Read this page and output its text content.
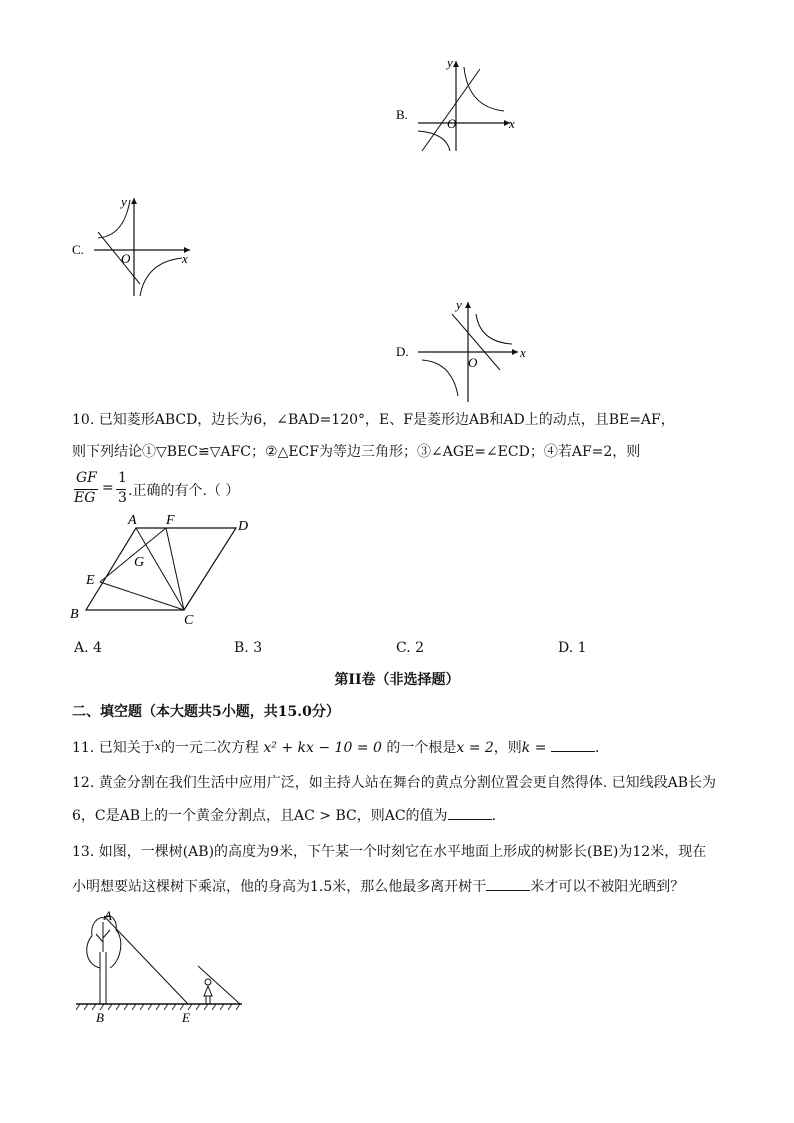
B.
x
y
O
C.
x
y
O
D.	x
y
O
10. 已知菱形ABCD，边长为6，∠BAD=120°，E、F是菱形边AB和AD上的动点，且BE=AF，
则下列结论①▽BEC≌▽AFC；②△ECF为等边三角形；③∠AGE=∠ECD；④若AF=2，则
GF
EG
=
1
3 .正确的有个.（ ）
A F	D
G
E
B	C
A. 4	B. 3	C. 2	D. 1
第II卷（非选择题）
二、填空题（本大题共5小题，共15.0分）
11. 已知关于$^x$的一元二次方程 x² + kx − 10 = 0 的一个根是x = 2，则k =	.
12. 黄金分割在我们生活中应用广泛，如主持人站在舞台的黄点分割位置会更自然得体. 已知线段AB长为
6，C是AB上的一个黄金分割点，且AC > BC，则AC的值为	.
13. 如图，一棵树(AB)的高度为9米，下午某一个时刻它在水平地面上形成的树影长(BE)为12米，现在
小明想要站这棵树下乘凉，他的身高为1.5米，那么他最多离开树干	米才可以不被阳光晒到？
A
B	E
